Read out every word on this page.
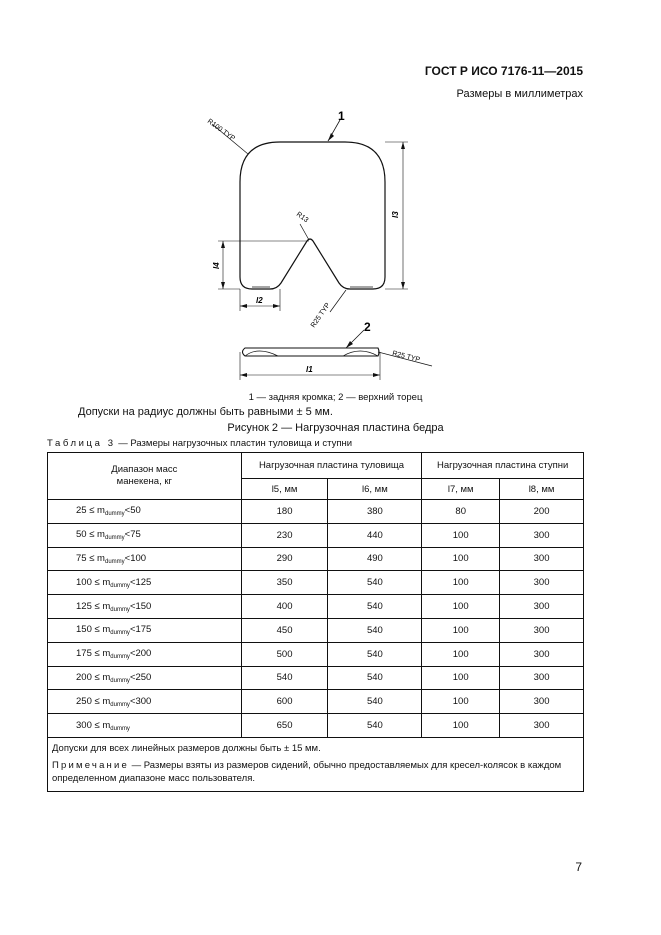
ГОСТ Р ИСО 7176-11—2015
Размеры в миллиметрах
1
R100 TYP
R13	l3
l4
l2
R25 TYP	2
R25 TYP
l1
1 — задняя кромка; 2 — верхний торец
Допуски на радиус должны быть равными ± 5 мм.
Рисунок 2 — Нагрузочная пластина бедра
Таблица 3 — Размеры нагрузочных пластин туловища и ступни
Диапазон масс манекена, кг	Нагрузочная пластина туловища		Нагрузочная пластина ступни	
	l5, мм	l6, мм	l7, мм	l8, мм
$25 \le m_{dummy}<50$	180	380	80	200
$50 \le m_{dummy}<75$	230	440	100	300
$75 \le m_{dummy}<100$	290	490	100	300
$100 \le m_{dummy}<125$	350	540	100	300
$125 \le m_{dummy}<150$	400	540	100	300
$150 \le m_{dummy}<175$	450	540	100	300
$175 \le m_{dummy}<200$	500	540	100	300
$200 \le m_{dummy}<250$	540	540	100	300
$250 \le m_{dummy}<300$	600	540	100	300
$300 \le m_{dummy}$	650	540	100	300

Допуски для всех линейных размеров должны быть ± 15 мм.
Примечание — Размеры взяты из размеров сидений, обычно предоставляемых для кресел-колясок в каждом определенном диапазоне масс пользователя.				
7
